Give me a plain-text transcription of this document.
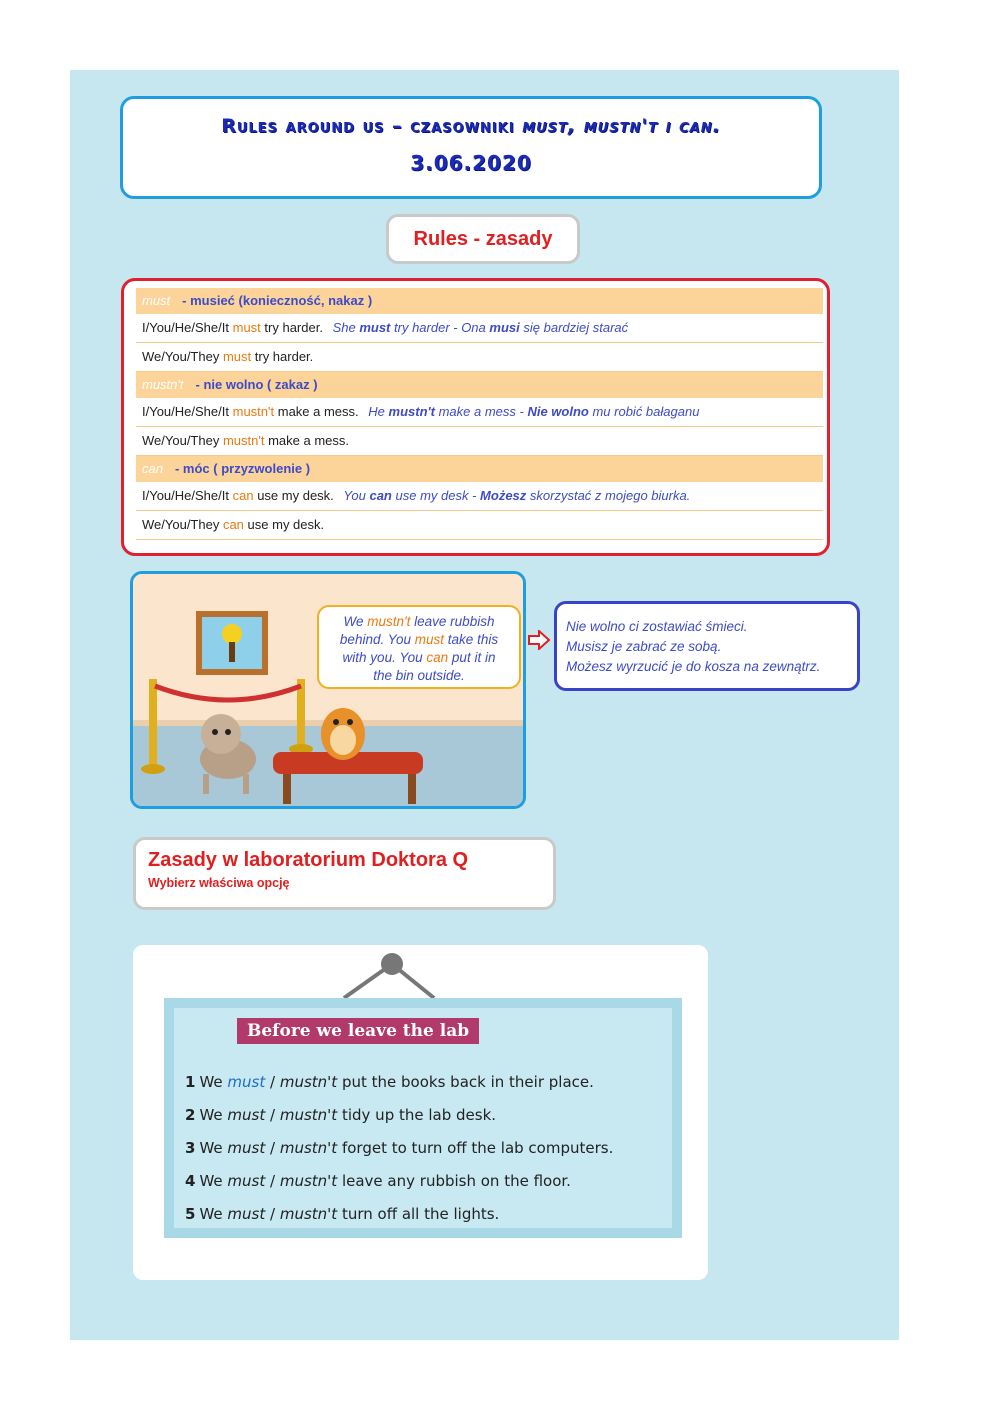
Rules around us – czasowniki must, mustn't i can.
3.06.2020
Rules - zasady
must - musieć (konieczność, nakaz )
I/You/He/She/It must try harder. She must try harder - Ona musi się bardziej starać
We/You/They must try harder.
mustn't - nie wolno ( zakaz )
I/You/He/She/It mustn't make a mess. He mustn't make a mess - Nie wolno mu robić bałaganu
We/You/They mustn't make a mess.
can - móc ( przyzwolenie )
I/You/He/She/It can use my desk. You can use my desk - Możesz skorzystać z mojego biurka.
We/You/They can use my desk.
We mustn't leave rubbish
behind. You must take this
with you. You can put it in
the bin outside.
Nie wolno ci zostawiać śmieci.
Musisz je zabrać ze sobą.
Możesz wyrzucić je do kosza na zewnątrz.
Zasady w laboratorium Doktora Q
Wybierz właściwa opcję
Before we leave the lab
1 We must / mustn't put the books back in their place.
2 We must / mustn't tidy up the lab desk.
3 We must / mustn't forget to turn off the lab computers.
4 We must / mustn't leave any rubbish on the floor.
5 We must / mustn't turn off all the lights.
